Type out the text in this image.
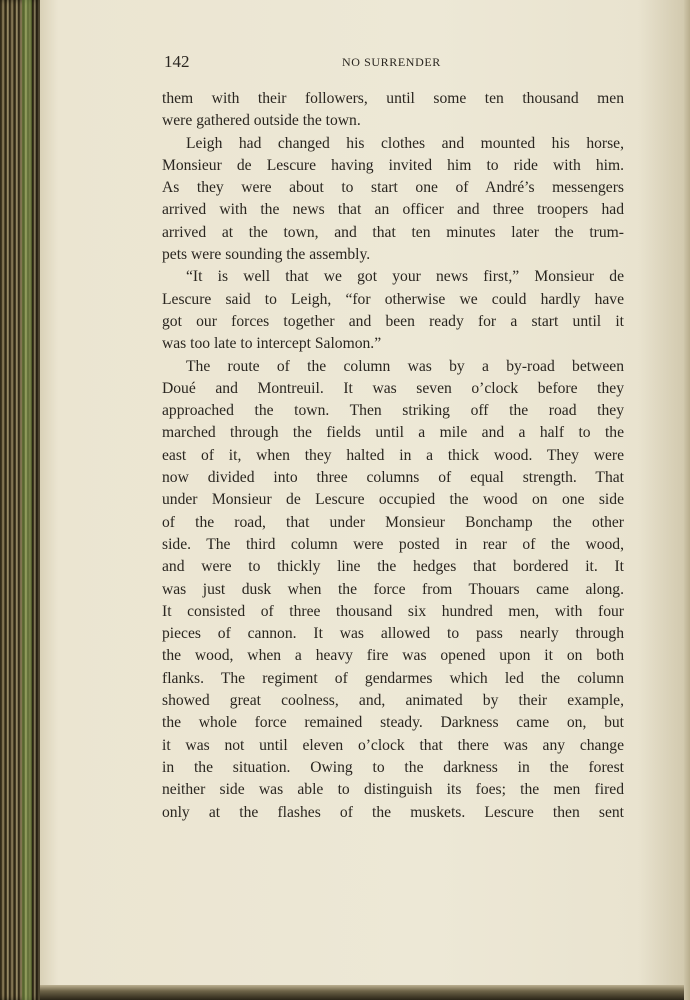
142	NO SURRENDER
them with their followers, until some ten thousand men
were gathered outside the town.
Leigh had changed his clothes and mounted his horse,
Monsieur de Lescure having invited him to ride with him.
As they were about to start one of André’s messengers
arrived with the news that an officer and three troopers had
arrived at the town, and that ten minutes later the trum-
pets were sounding the assembly.
“It is well that we got your news first,” Monsieur de
Lescure said to Leigh, “for otherwise we could hardly have
got our forces together and been ready for a start until it
was too late to intercept Salomon.”
The route of the column was by a by-road between
Doué and Montreuil. It was seven o’clock before they
approached the town. Then striking off the road they
marched through the fields until a mile and a half to the
east of it, when they halted in a thick wood. They were
now divided into three columns of equal strength. That
under Monsieur de Lescure occupied the wood on one side
of the road, that under Monsieur Bonchamp the other
side. The third column were posted in rear of the wood,
and were to thickly line the hedges that bordered it. It
was just dusk when the force from Thouars came along.
It consisted of three thousand six hundred men, with four
pieces of cannon. It was allowed to pass nearly through
the wood, when a heavy fire was opened upon it on both
flanks. The regiment of gendarmes which led the column
showed great coolness, and, animated by their example,
the whole force remained steady. Darkness came on, but
it was not until eleven o’clock that there was any change
in the situation. Owing to the darkness in the forest
neither side was able to distinguish its foes; the men fired
only at the flashes of the muskets. Lescure then sent
